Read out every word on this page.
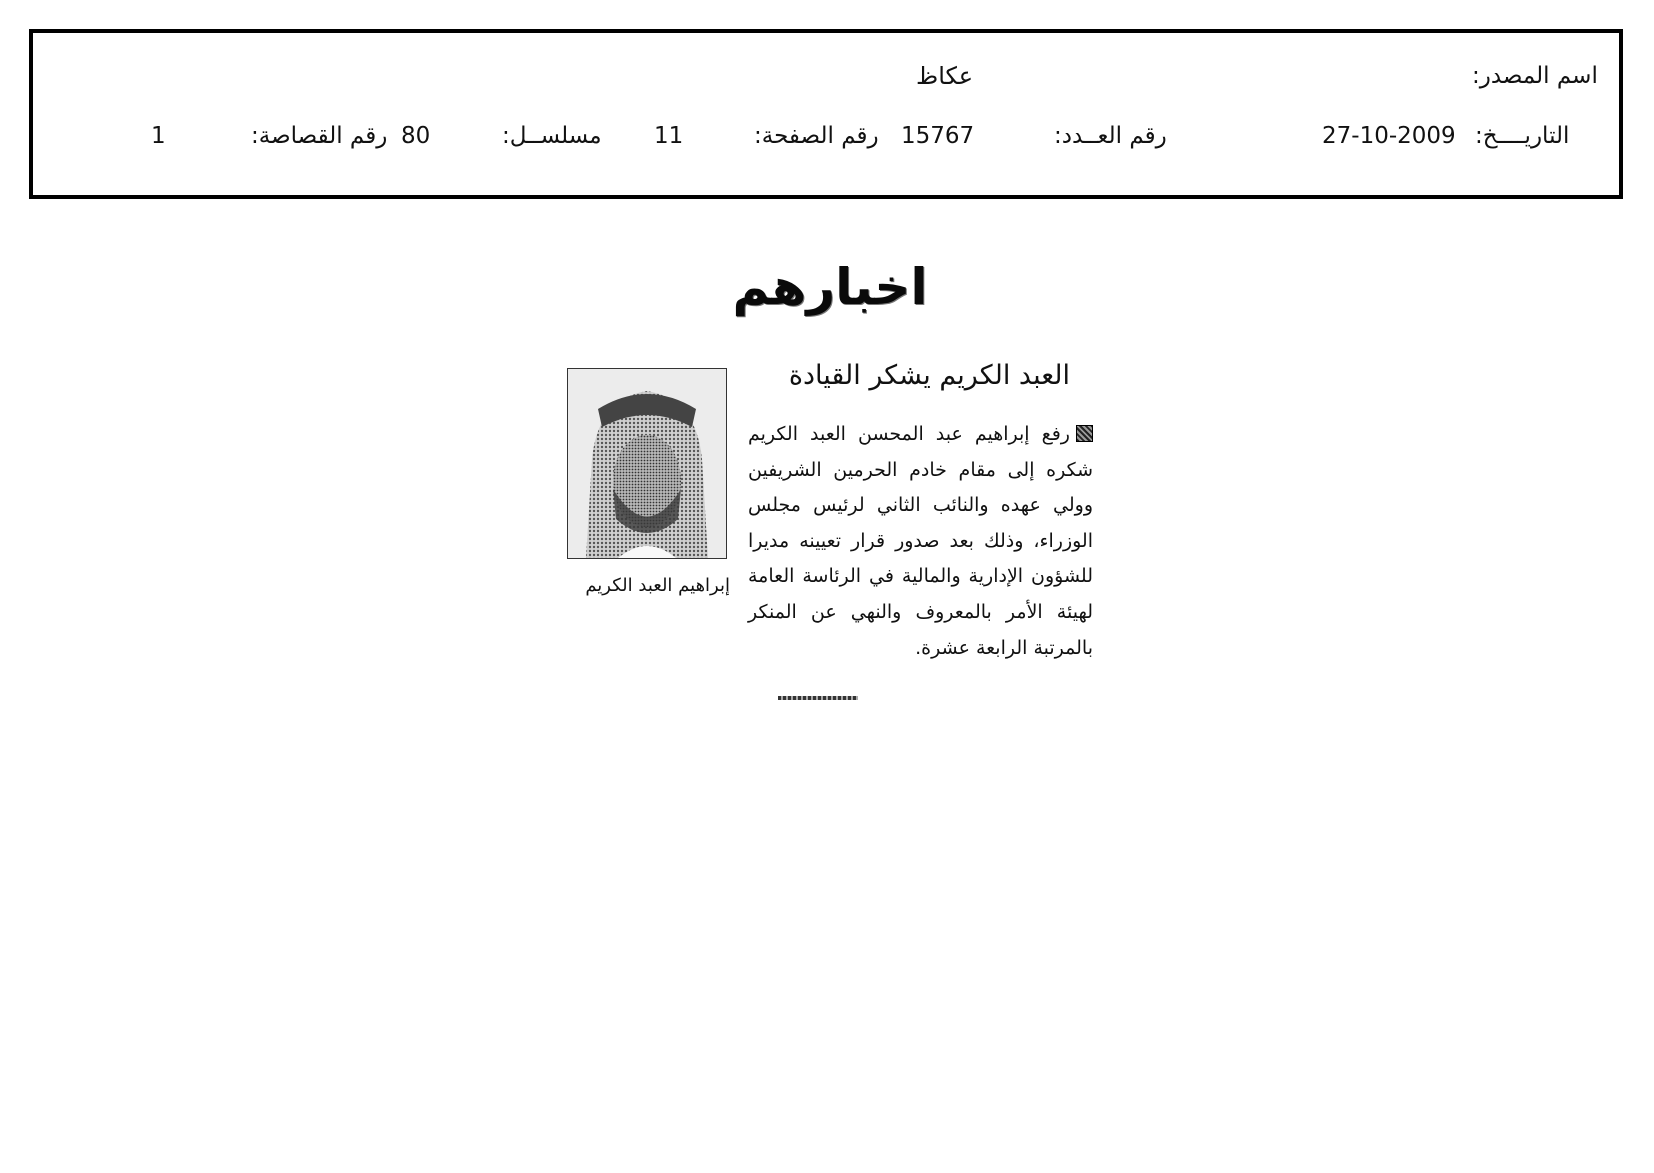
اسم المصدر:
عكاظ
التاريــــخ:
27-10-2009
رقم العــدد:
15767
رقم الصفحة:
11
مسلســل:
80
رقم القصاصة:
1
اخبارهم
العبد الكريم يشكر القيادة
رفع إبراهيم عبد المحسن العبد الكريم شكره إلى مقام خادم الحرمين الشريفين وولي عهده والنائب الثاني لرئيس مجلس الوزراء، وذلك بعد صدور قرار تعيينه مديرا للشؤون الإدارية والمالية في الرئاسة العامة لهيئة الأمر بالمعروف والنهي عن المنكر بالمرتبة الرابعة عشرة.
إبراهيم العبد الكريم
